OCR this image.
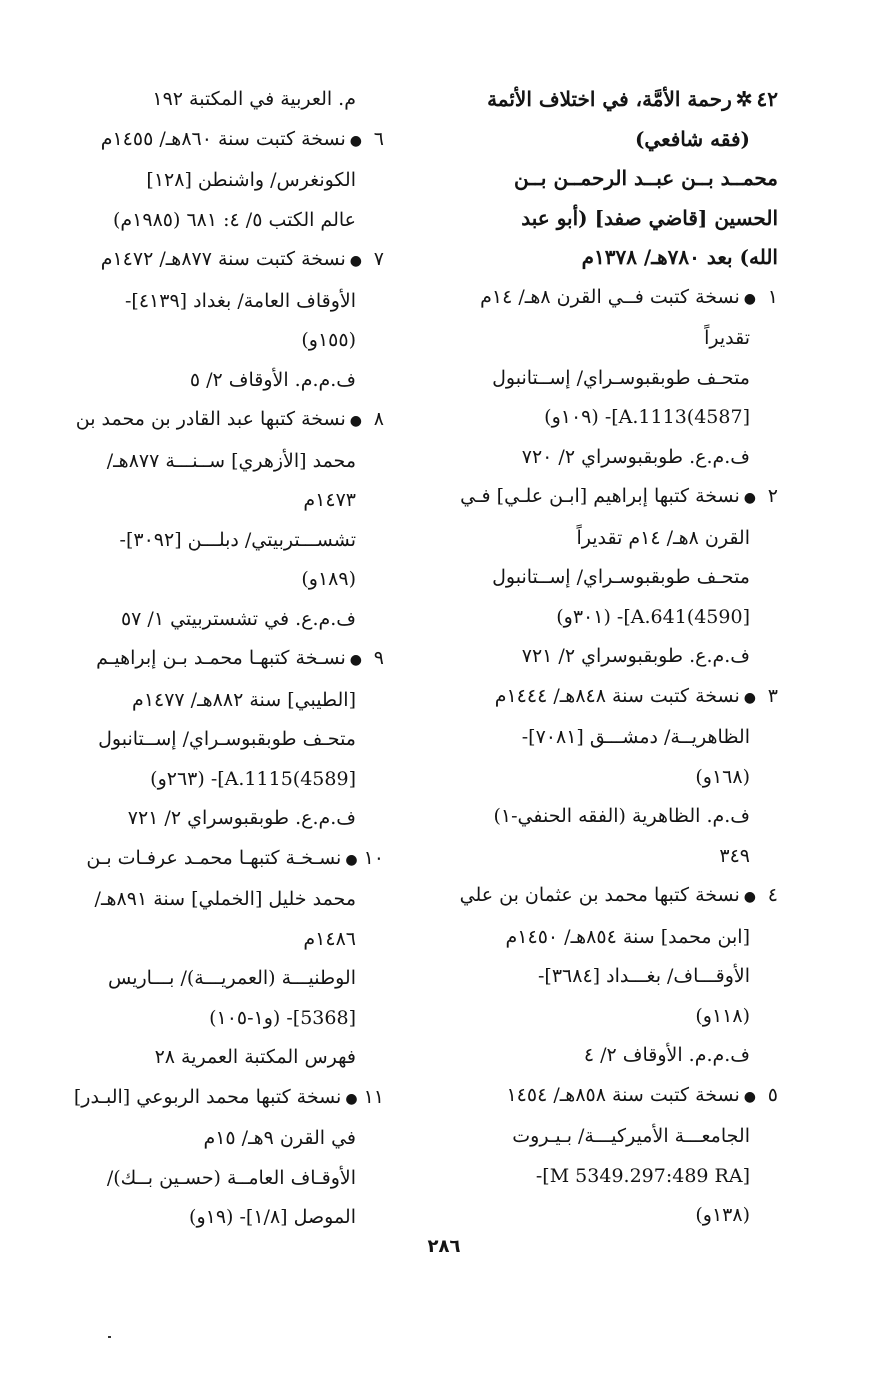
٤٢✲رحمة الأمَّة، في اختلاف الأئمة
(فقه شافعي)
محمــد بــن عبــد الرحمــن بــن
الحسين [قاضي صفد] (أبو عبد
الله) بعد ٧٨٠هـ/ ١٣٧٨م
١●نسخة كتبت فــي القرن ٨هـ/ ١٤م
تقديراً
متحـف طوبقبوسـراي/ إســتانبول
[4587)A.1113]- (١٠٩و)
ف.م.ع. طوبقبوسراي ٢/ ٧٢٠
٢●نسخة كتبها إبراهيم [ابـن علـي] فـي
القرن ٨هـ/ ١٤م تقديراً
متحـف طوبقبوسـراي/ إســتانبول
[4590)A.641]- (٣٠١و)
ف.م.ع. طوبقبوسراي ٢/ ٧٢١
٣●نسخة كتبت سنة ٨٤٨هـ/ ١٤٤٤م
الظاهريــة/ دمشـــق [٧٠٨١]-
(١٦٨و)
ف.م. الظاهرية (الفقه الحنفي-١)
٣٤٩
٤●نسخة كتبها محمد بن عثمان بن علي
[ابن محمد] سنة ٨٥٤هـ/ ١٤٥٠م
الأوقـــاف/ بغـــداد [٣٦٨٤]-
(١١٨و)
ف.م.م. الأوقاف ٢/ ٤
٥●نسخة كتبت سنة ٨٥٨هـ/ ١٤٥٤
الجامعـــة الأميركيـــة/ بـيـروت
[M 5349.297:489 RA]-
(١٣٨و)
م. العربية في المكتبة ١٩٢
٦●نسخة كتبت سنة ٨٦٠هـ/ ١٤٥٥م
الكونغرس/ واشنطن [١٢٨]
عالم الكتب ٥/ ٤: ٦٨١ (١٩٨٥م)
٧●نسخة كتبت سنة ٨٧٧هـ/ ١٤٧٢م
الأوقاف العامة/ بغداد [٤١٣٩]-
(١٥٥و)
ف.م.م. الأوقاف ٢/ ٥
٨●نسخة كتبها عبد القادر بن محمد بن
محمد [الأزهري] ســنـــة ٨٧٧هـ/
١٤٧٣م
تشســـتربيتي/ دبلـــن [٣٠٩٢]-
(١٨٩و)
ف.م.ع. في تشستربيتي ١/ ٥٧
٩●نسـخة كتبهـا محمـد بـن إبراهيـم
[الطيبي] سنة ٨٨٢هـ/ ١٤٧٧م
متحـف طوبقبوسـراي/ إســتانبول
[4589)A.1115]- (٢٦٣و)
ف.م.ع. طوبقبوسراي ٢/ ٧٢١
١٠●نسـخـة كتبهـا محمـد عرفـات بـن
محمد خليل [الخملي] سنة ٨٩١هـ/
١٤٨٦م
الوطنيـــة (العمريـــة)/ بـــاريس
[5368]- (و١-١٠٥)
فهرس المكتبة العمرية ٢٨
١١●نسخة كتبها محمد الربوعي [البـدر]
في القرن ٩هـ/ ١٥م
الأوقـاف العامــة (حسـين بــك)/
الموصل [١/٨]- (١٩و)
٢٨٦
